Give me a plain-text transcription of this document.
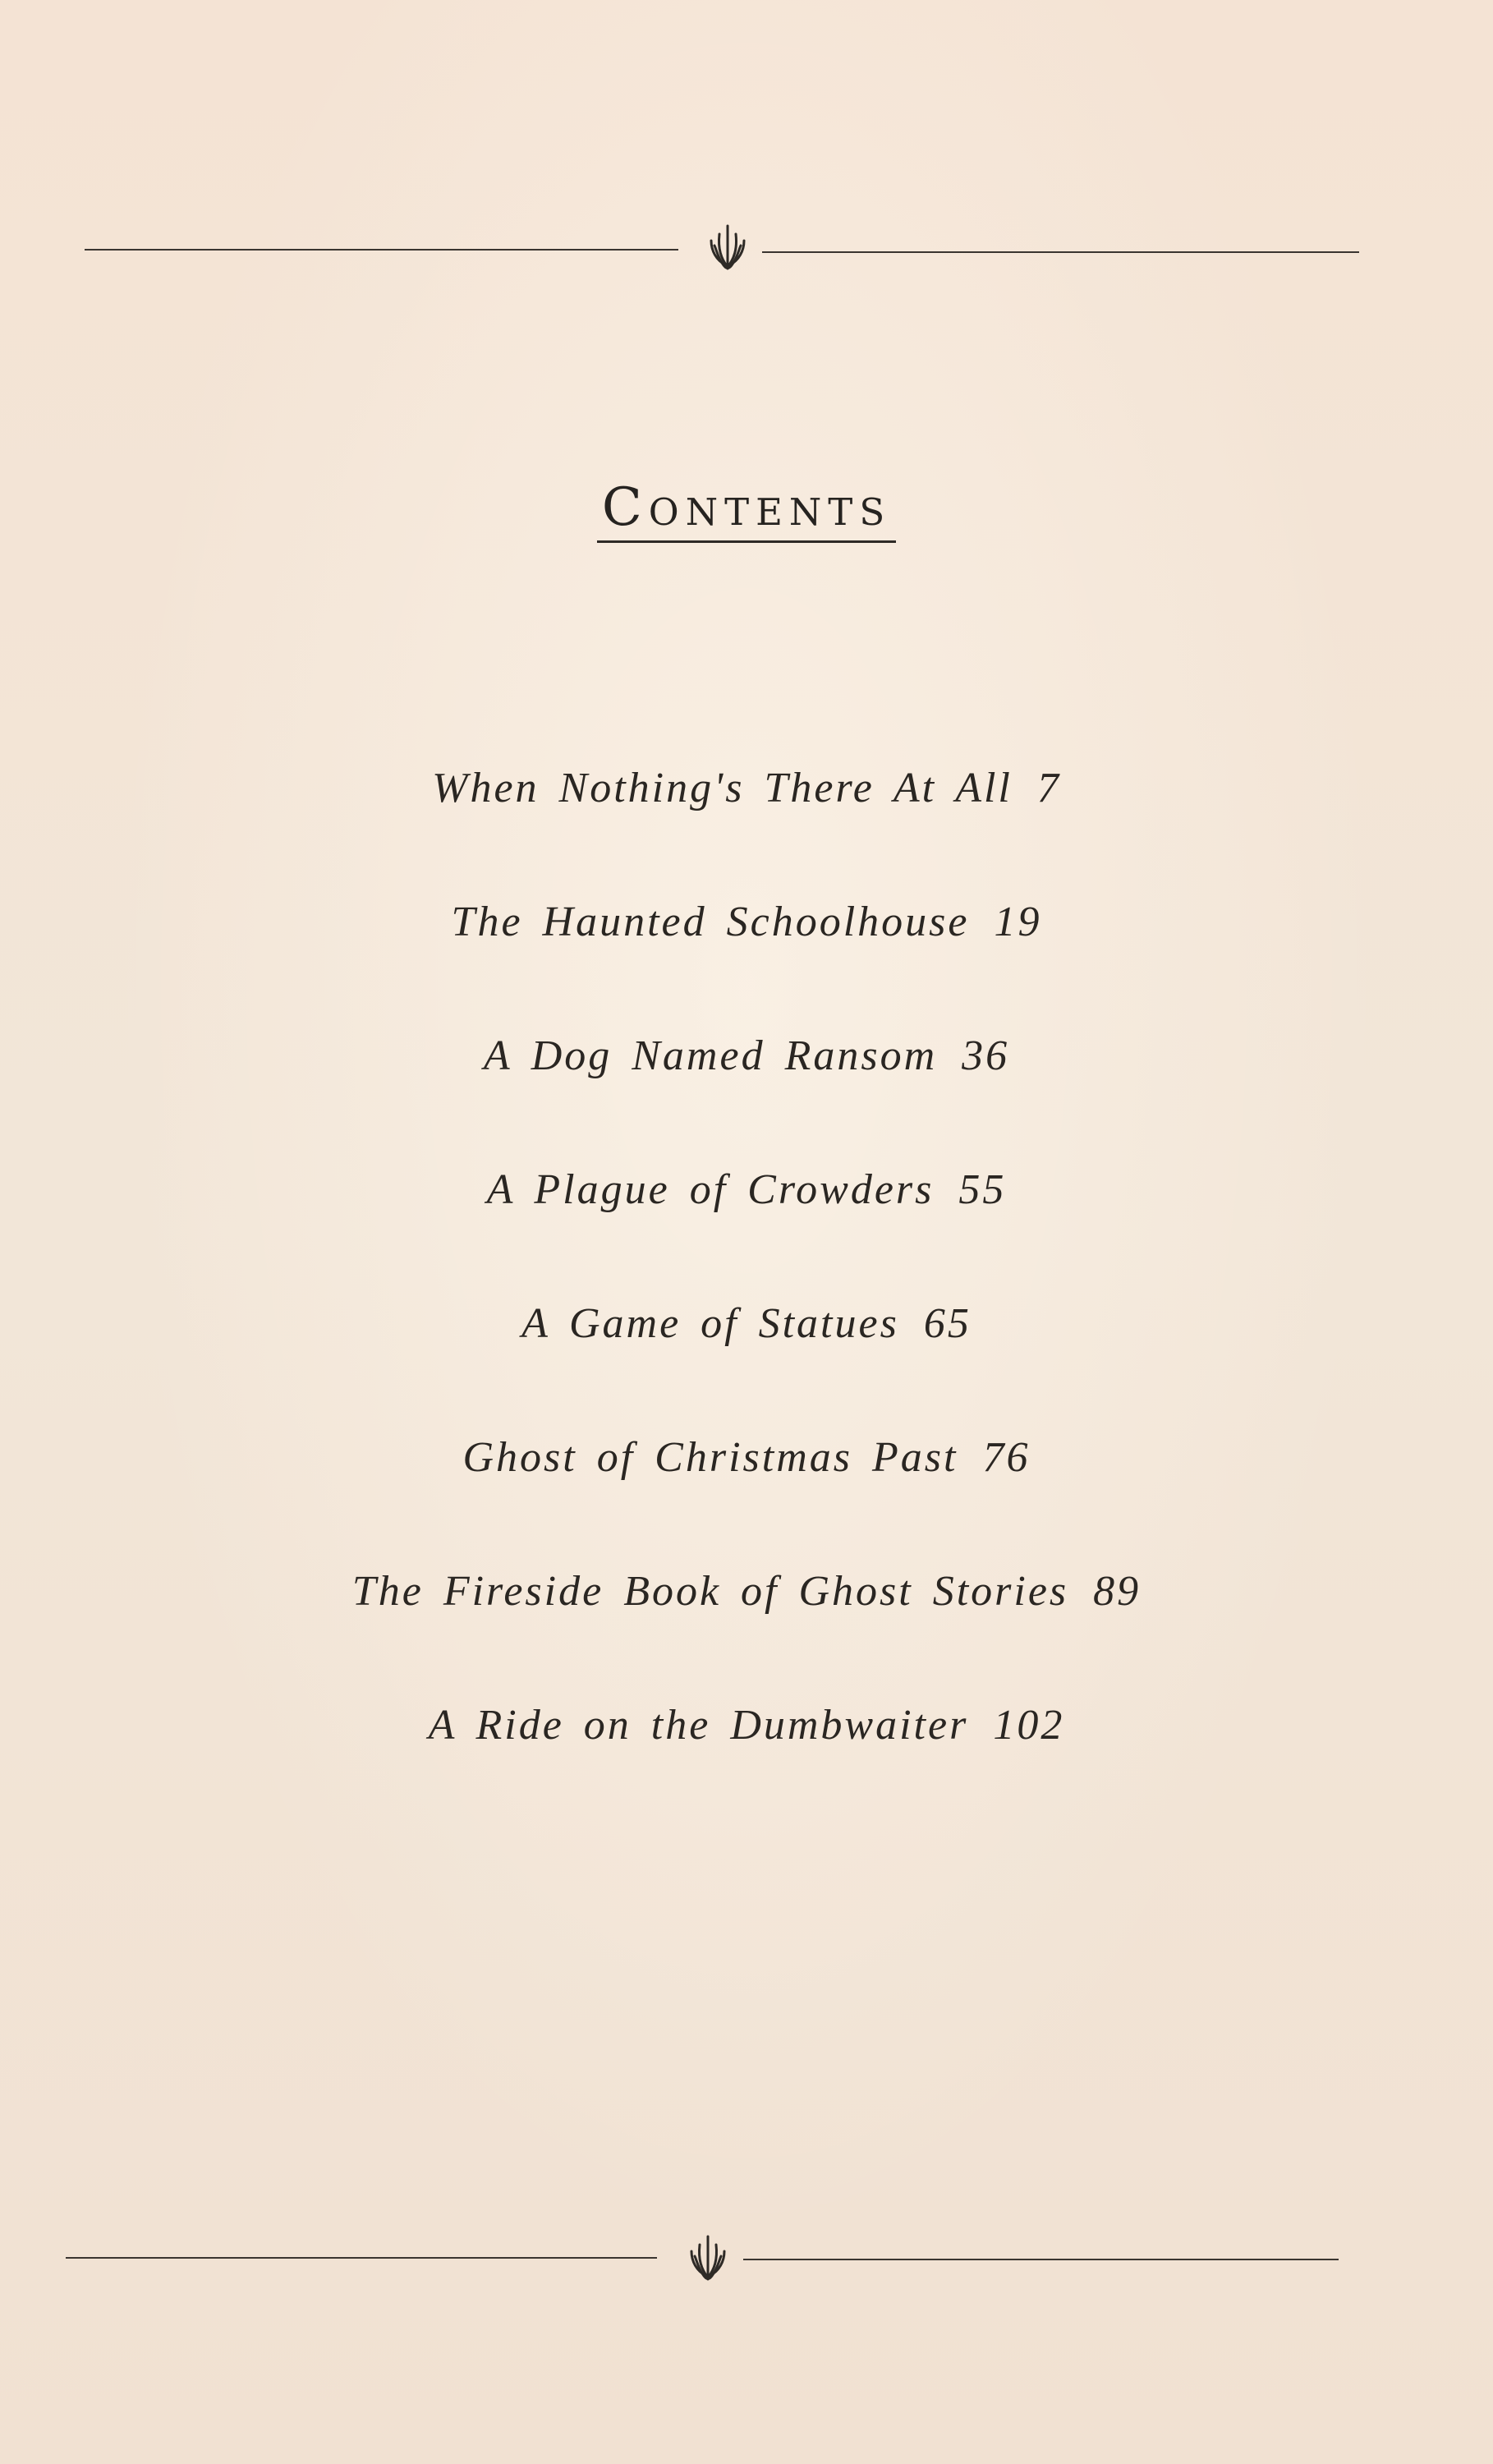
Contents
When Nothing's There At All 7
The Haunted Schoolhouse 19
A Dog Named Ransom 36
A Plague of Crowders 55
A Game of Statues 65
Ghost of Christmas Past 76
The Fireside Book of Ghost Stories 89
A Ride on the Dumbwaiter 102
